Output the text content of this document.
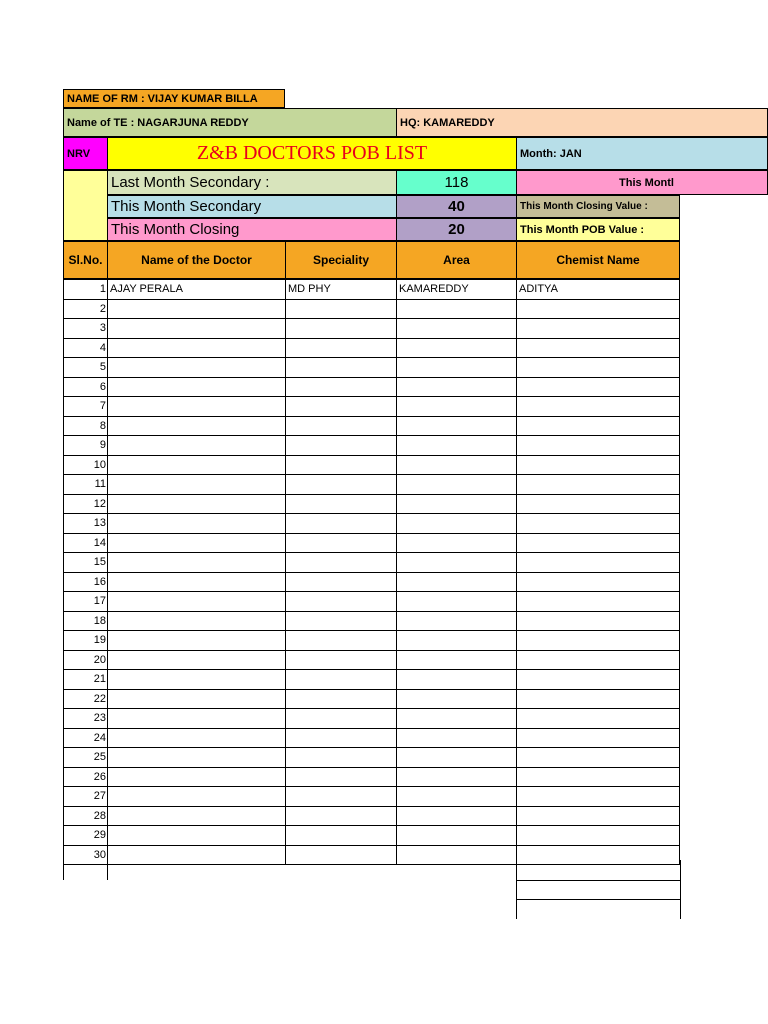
NAME OF RM : VIJAY KUMAR BILLA
Name of TE : NAGARJUNA REDDY	HQ: KAMAREDDY
NRV	Z&B DOCTORS POB LIST	Month: JAN
Last Month Secondary :	118	This Montl
This Month Secondary	40	This Month Closing Value :
This Month Closing	20	This Month POB Value :
Sl.No.	Name of the Doctor	Speciality	Area	Chemist Name
1 AJAY PERALA	MD PHY	KAMAREDDY	ADITYA
2
3
4
5
6
7
8
9
10
11
12
13
14
15
16
17
18
19
20
21
22
23
24
25
26
27
28
29
30
